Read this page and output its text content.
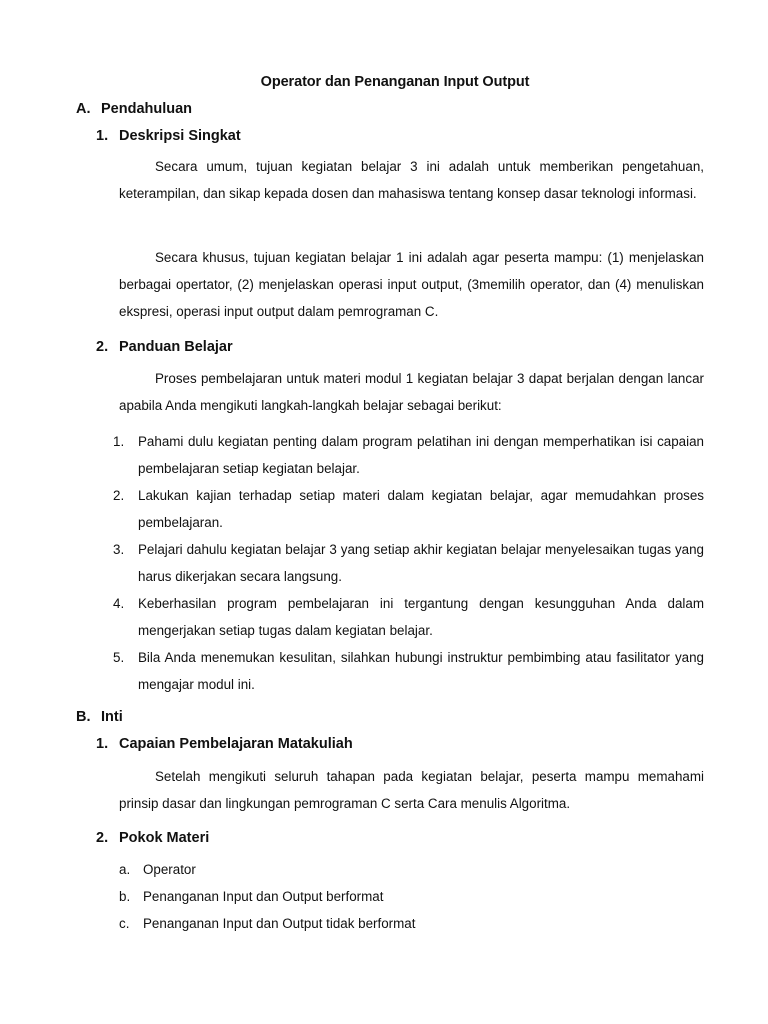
Operator dan Penanganan Input Output
A. Pendahuluan
1. Deskripsi Singkat
Secara umum, tujuan kegiatan belajar 3 ini adalah untuk memberikan pengetahuan, keterampilan, dan sikap kepada dosen dan mahasiswa tentang konsep dasar teknologi informasi.
Secara khusus, tujuan kegiatan belajar 1 ini adalah agar peserta mampu: (1) menjelaskan berbagai opertator, (2) menjelaskan operasi input output, (3memilih operator, dan (4) menuliskan ekspresi, operasi input output dalam pemrograman C.
2. Panduan Belajar
Proses pembelajaran untuk materi modul 1 kegiatan belajar 3 dapat berjalan dengan lancar apabila Anda mengikuti langkah-langkah belajar sebagai berikut:
1. Pahami dulu kegiatan penting dalam program pelatihan ini dengan memperhatikan isi capaian pembelajaran setiap kegiatan belajar.
2. Lakukan kajian terhadap setiap materi dalam kegiatan belajar, agar memudahkan proses pembelajaran.
3. Pelajari dahulu kegiatan belajar 3 yang setiap akhir kegiatan belajar menyelesaikan tugas yang harus dikerjakan secara langsung.
4. Keberhasilan program pembelajaran ini tergantung dengan kesungguhan Anda dalam mengerjakan setiap tugas dalam kegiatan belajar.
5. Bila Anda menemukan kesulitan, silahkan hubungi instruktur pembimbing atau fasilitator yang mengajar modul ini.
B. Inti
1. Capaian Pembelajaran Matakuliah
Setelah mengikuti seluruh tahapan pada kegiatan belajar, peserta mampu memahami prinsip dasar dan lingkungan pemrograman C serta Cara menulis Algoritma.
2. Pokok Materi
a. Operator
b. Penanganan Input dan Output berformat
c. Penanganan Input dan Output tidak berformat
